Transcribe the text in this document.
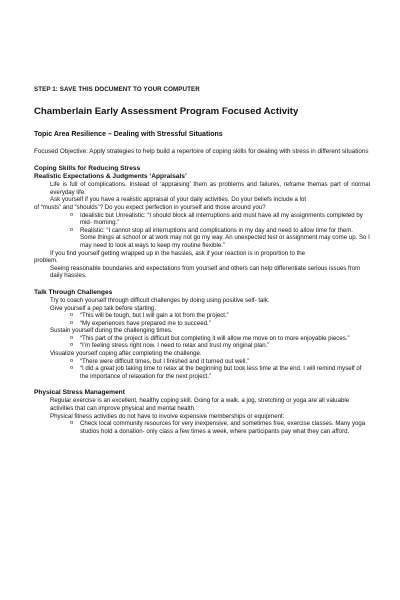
STEP 1: SAVE THIS DOCUMENT TO YOUR COMPUTER

Chamberlain Early Assessment Program Focused Activity

Topic Area Resilience – Dealing with Stressful Situations

Focused Objective: Apply strategies to help build a repertoire of coping skills for dealing with stress in different situations

Coping Skills for Reducing Stress

Realistic Expectations & Judgments ‘Appraisals’

Life is full of complications. Instead of ‘appraising’ them as problems and failures, reframe themas part of normal everyday life.

Ask yourself if you have a realistic appraisal of your daily activities. Do your beliefs include a lot

of “musts” and “shoulds”? Do you expect perfection in yourself and those around you?

o Idealistic but Unrealistic: “I should block all interruptions and must have all my assignments completed by mid- morning.”
o Realistic: “I cannot stop all interruptions and complications in my day and need to allow time for them. Some things at school or at work may not go my way. An unexpected test or assignment may come up. So I may need to look at ways to keep my routine flexible.”

If you find yourself getting wrapped up in the hassles, ask if your reaction is in proportion to the

problem.

Seeing reasonable boundaries and expectations from yourself and others can help differentiate serious issues from daily hassles.

Talk Through Challenges

Try to coach yourself through difficult challenges by doing using positive self- talk.

Give yourself a pep talk before starting.

o “This will be tough, but I will gain a lot from the project.”
o “My experiences have prepared me to succeed.”

Sustain yourself during the challenging times.

o “This part of the project is difficult but completing it will allow me move on to more enjoyable pieces.”
o “I’m feeling stress right now. I need to relax and trust my original plan.”

Visualize yourself coping after completing the challenge.

o “There were difficult times, but I finished and it turned out well.”
o “I did a great job taking time to relax at the beginning but took less time at the end. I will remind myself of the importance of relaxation for the next project.”

Physical Stress Management

Regular exercise is an excellent, healthy coping skill. Going for a walk, a jog, stretching or yoga are all valuable activities that can improve physical and mental health.

Physical fitness activities do not have to involve expensive memberships or equipment:

o Check local community resources for very inexpensive, and sometimes free, exercise classes. Many yoga studios hold a donation- only class a few times a week, where participants pay what they can afford.
